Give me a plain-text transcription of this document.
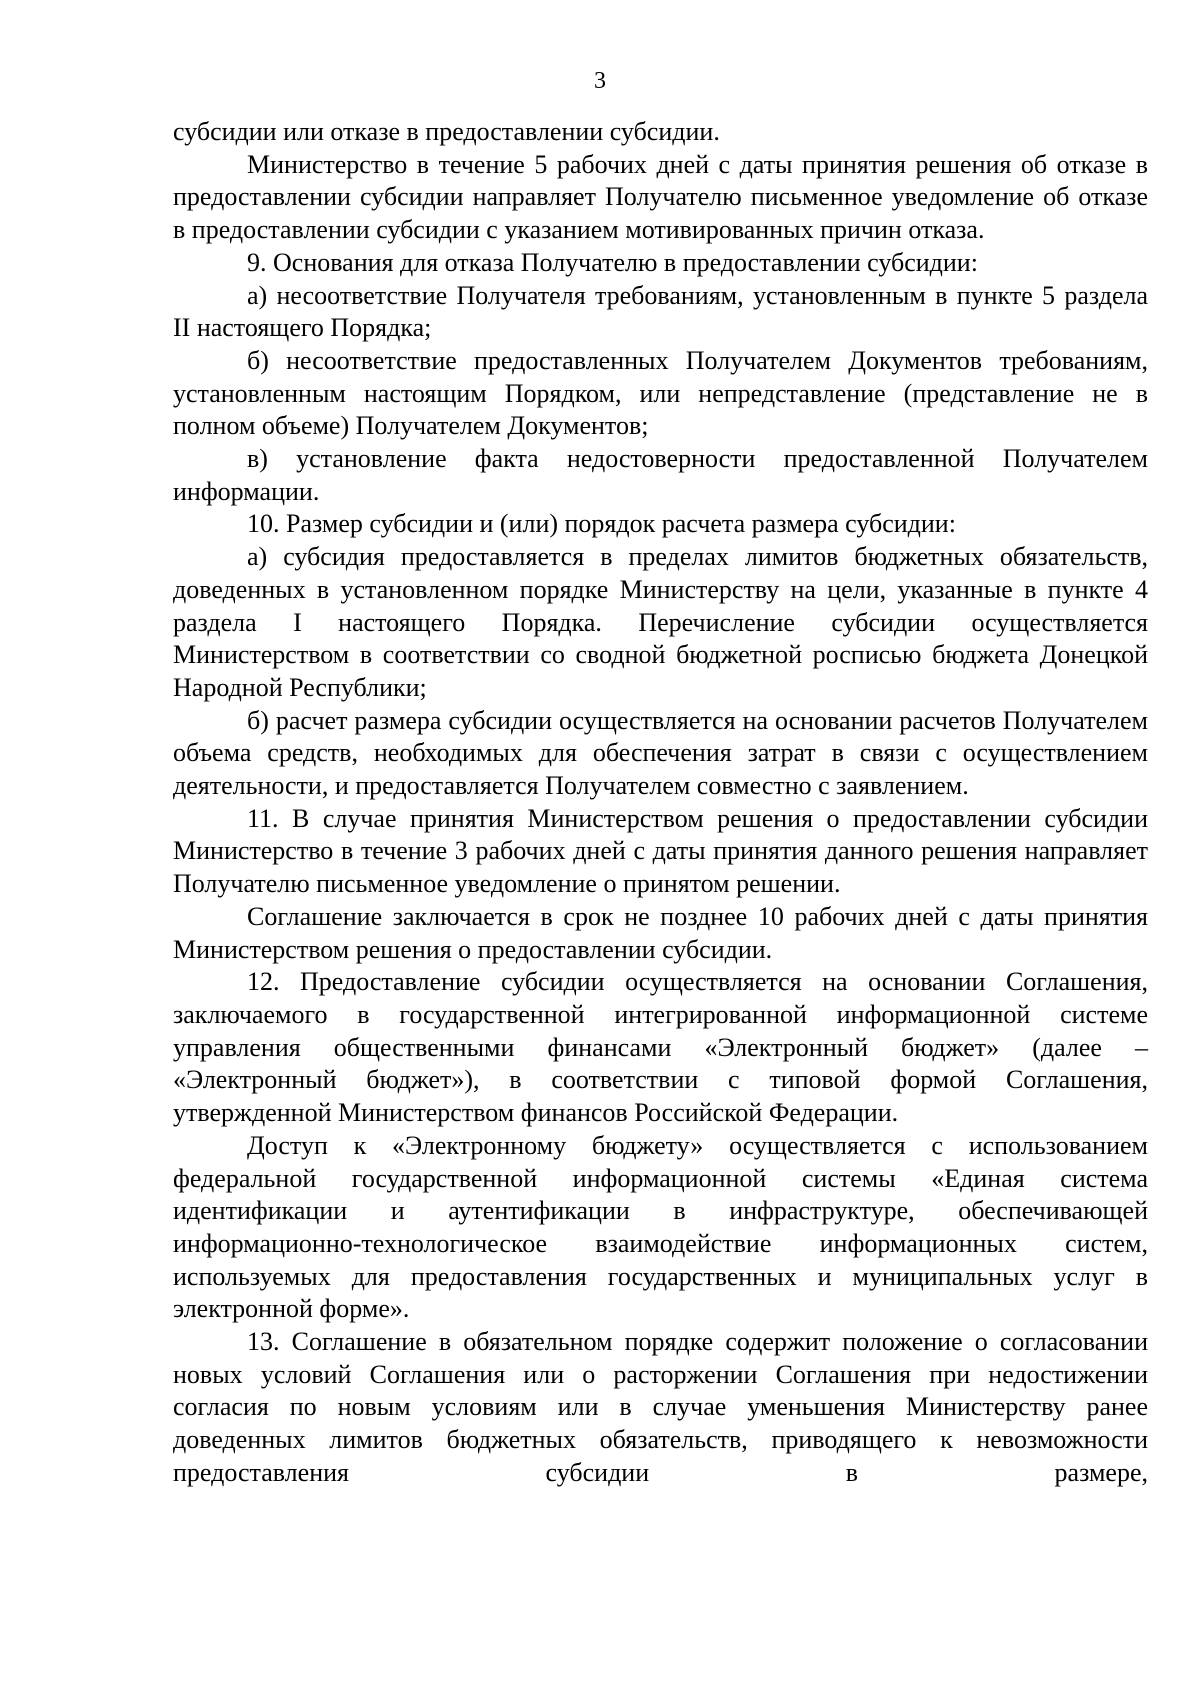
3

субсидии или отказе в предоставлении субсидии.

Министерство в течение 5 рабочих дней с даты принятия решения об отказе в предоставлении субсидии направляет Получателю письменное уведомление об отказе в предоставлении субсидии с указанием мотивированных причин отказа.

9. Основания для отказа Получателю в предоставлении субсидии:

а) несоответствие Получателя требованиям, установленным в пункте 5 раздела II настоящего Порядка;

б) несоответствие предоставленных Получателем Документов требованиям, установленным настоящим Порядком, или непредставление (представление не в полном объеме) Получателем Документов;

в) установление факта недостоверности предоставленной Получателем информации.

10. Размер субсидии и (или) порядок расчета размера субсидии:

а) субсидия предоставляется в пределах лимитов бюджетных обязательств, доведенных в установленном порядке Министерству на цели, указанные в пункте 4 раздела I настоящего Порядка. Перечисление субсидии осуществляется Министерством в соответствии со сводной бюджетной росписью бюджета Донецкой Народной Республики;

б) расчет размера субсидии осуществляется на основании расчетов Получателем объема средств, необходимых для обеспечения затрат в связи с осуществлением деятельности, и предоставляется Получателем совместно с заявлением.

11. В случае принятия Министерством решения о предоставлении субсидии Министерство в течение 3 рабочих дней с даты принятия данного решения направляет Получателю письменное уведомление о принятом решении.

Соглашение заключается в срок не позднее 10 рабочих дней с даты принятия Министерством решения о предоставлении субсидии.

12. Предоставление субсидии осуществляется на основании Соглашения, заключаемого в государственной интегрированной информационной системе управления общественными финансами «Электронный бюджет» (далее – «Электронный бюджет»), в соответствии с типовой формой Соглашения, утвержденной Министерством финансов Российской Федерации.

Доступ к «Электронному бюджету» осуществляется с использованием федеральной государственной информационной системы «Единая система идентификации и аутентификации в инфраструктуре, обеспечивающей информационно-технологическое взаимодействие информационных систем, используемых для предоставления государственных и муниципальных услуг в электронной форме».

13. Соглашение в обязательном порядке содержит положение о согласовании новых условий Соглашения или о расторжении Соглашения при недостижении согласия по новым условиям или в случае уменьшения Министерству ранее доведенных лимитов бюджетных обязательств, приводящего к невозможности предоставления субсидии в размере,
